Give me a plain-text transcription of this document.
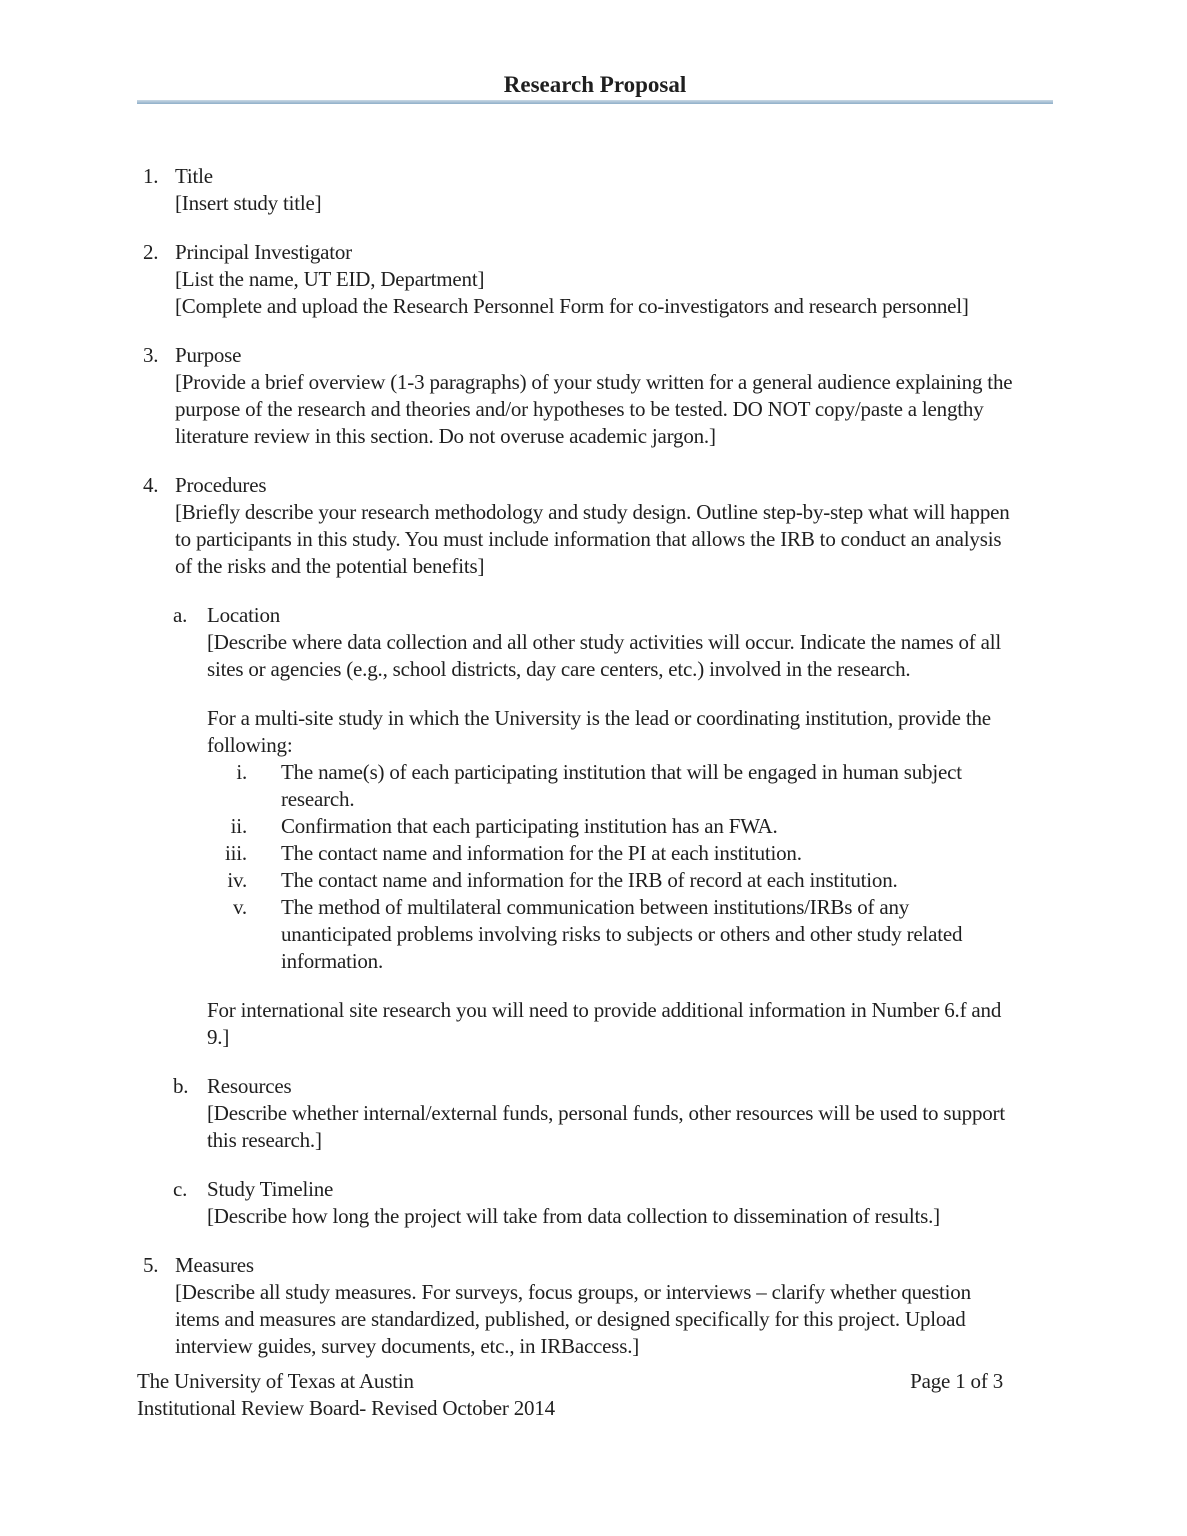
Research Proposal
1. Title
[Insert study title]
2. Principal Investigator
[List the name, UT EID, Department]
[Complete and upload the Research Personnel Form for co-investigators and research personnel]
3. Purpose
[Provide a brief overview (1-3 paragraphs) of your study written for a general audience explaining the
purpose of the research and theories and/or hypotheses to be tested. DO NOT copy/paste a lengthy
literature review in this section. Do not overuse academic jargon.]
4. Procedures
[Briefly describe your research methodology and study design. Outline step-by-step what will happen
to participants in this study. You must include information that allows the IRB to conduct an analysis
of the risks and the potential benefits]
a. Location
[Describe where data collection and all other study activities will occur. Indicate the names of all
sites or agencies (e.g., school districts, day care centers, etc.) involved in the research.
For a multi-site study in which the University is the lead or coordinating institution, provide the
following:
i.	The name(s) of each participating institution that will be engaged in human subject
research.
ii.	Confirmation that each participating institution has an FWA.
iii.	The contact name and information for the PI at each institution.
iv.	The contact name and information for the IRB of record at each institution.
v.	The method of multilateral communication between institutions/IRBs of any
unanticipated problems involving risks to subjects or others and other study related
information.
For international site research you will need to provide additional information in Number 6.f and
9.]
b. Resources
[Describe whether internal/external funds, personal funds, other resources will be used to support
this research.]
c. Study Timeline
[Describe how long the project will take from data collection to dissemination of results.]
5. Measures
[Describe all study measures. For surveys, focus groups, or interviews – clarify whether question
items and measures are standardized, published, or designed specifically for this project. Upload
interview guides, survey documents, etc., in IRBaccess.]
The University of Texas at Austin
Institutional Review Board- Revised October 2014
Page 1 of 3
